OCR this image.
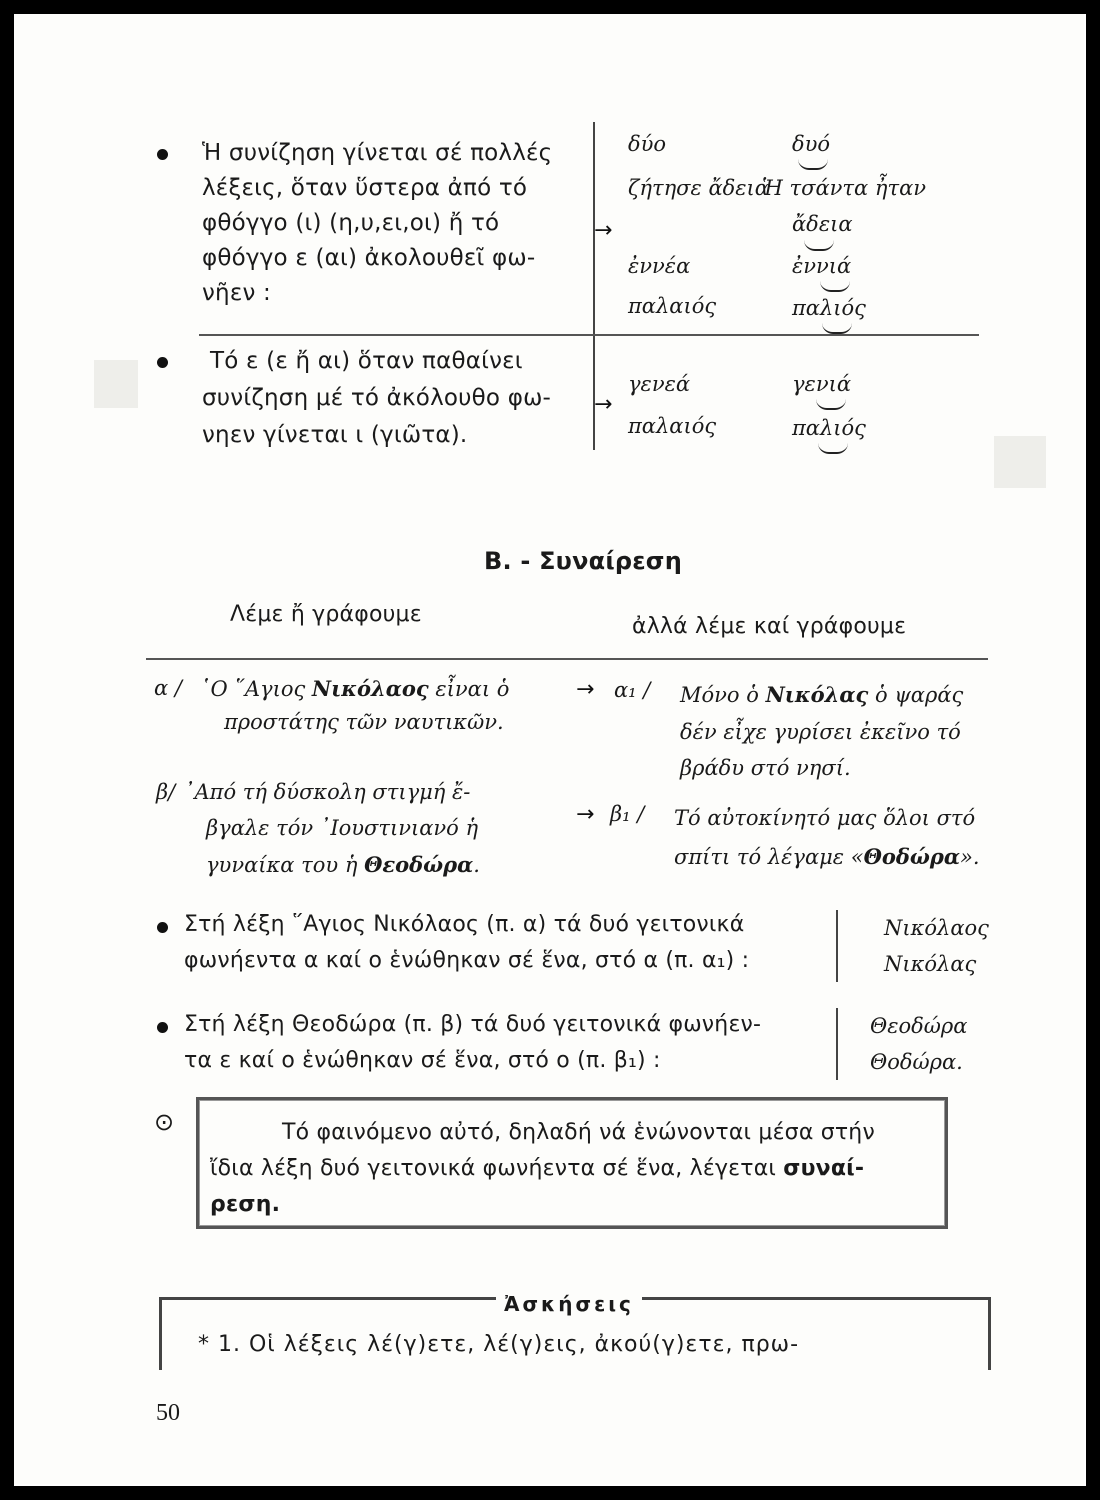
Ἡ συνίζηση γίνεται σέ πολλές
λέξεις, ὅταν ὕστερα ἀπό τό
φθόγγο (ι) (η,υ,ει,οι) ἤ τό
φθόγγο ε (αι) ἀκολουθεῖ φω-
νῆεν :
δύο
ζήτησε ἄδεια
ἐννέα
παλαιός
→
δυό
Ἡ τσάντα ἦταν
ἄδεια
ἐννιά
παλιός
Τό ε (ε ἤ αι) ὅταν παθαίνει
συνίζηση μέ τό ἀκόλουθο φω-
νηεν γίνεται ι (γιῶτα).
γενεά
παλαιός
→
γενιά
παλιός
Β. - Συναίρεση
Λέμε ἤ γράφουμε	ἀλλά λέμε καί γράφουμε
α / ῾Ο ῞Αγιος Νικόλαος εἶναι ὁ
προστάτης τῶν ναυτικῶν.
→ α₁ / Μόνο ὁ Νικόλας ὁ ψαράς
δέν εἶχε γυρίσει ἐκεῖνο τό
βράδυ στό νησί.
β/ ᾿Από τή δύσκολη στιγμή ἔ-
βγαλε τόν ᾿Ιουστινιανό ἡ
γυναίκα του ἡ Θεοδώρα.
→ β₁ / Τό αὐτοκίνητό μας ὅλοι στό
σπίτι τό λέγαμε «Θοδώρα».
Στή λέξη ῞Αγιος Νικόλαος (π. α) τά δυό γειτονικά
φωνήεντα α καί ο ἑνώθηκαν σέ ἕνα, στό α (π. α₁) :
Νικόλαος
Νικόλας
Στή λέξη Θεοδώρα (π. β) τά δυό γειτονικά φωνήεν-
τα ε καί ο ἑνώθηκαν σέ ἕνα, στό ο (π. β₁) :
Θεοδώρα
Θοδώρα.
⊙	Τό φαινόμενο αὐτό, δηλαδή νά ἑνώνονται μέσα στήν
ἴδια λέξη δυό γειτονικά φωνήεντα σέ ἕνα, λέγεται συναί-
ρεση.
Ἀσκήσεις
* 1. Οἱ λέξεις λέ(γ)ετε, λέ(γ)εις, ἀκού(γ)ετε, πρω-
50
